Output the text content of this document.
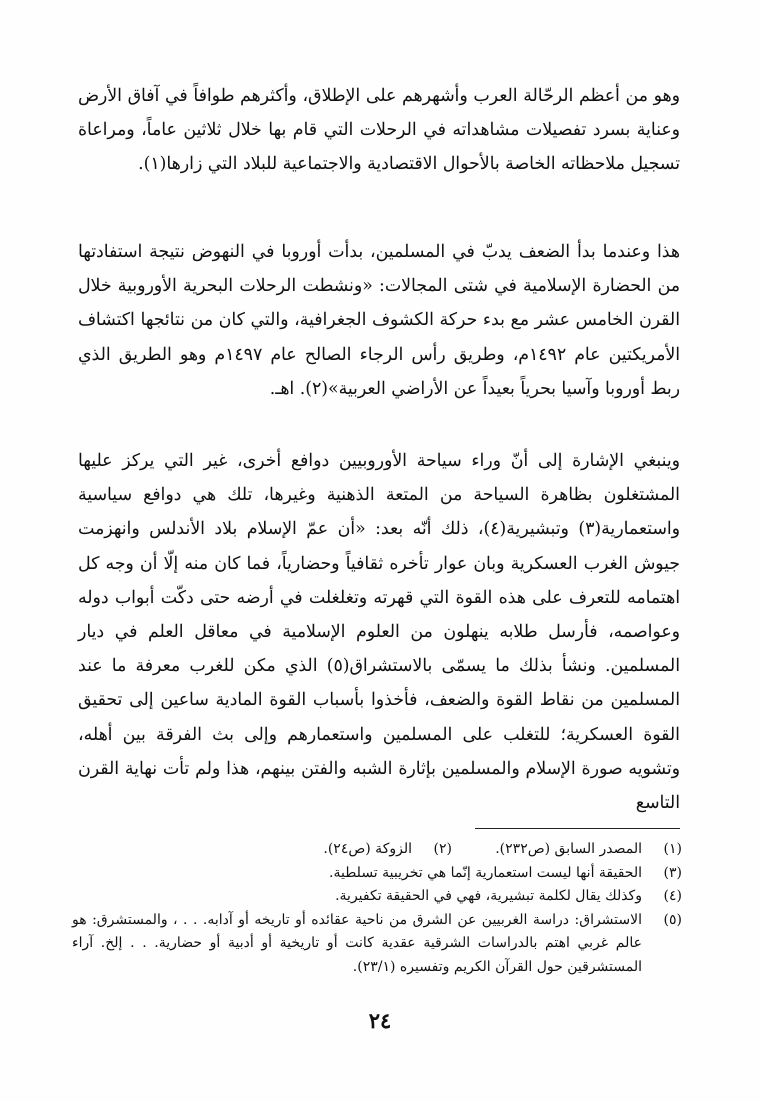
وهو من أعظم الرحّالة العرب وأشهرهم على الإطلاق، وأكثرهم طوافاً في آفاق الأرض وعناية بسرد تفصيلات مشاهداته في الرحلات التي قام بها خلال ثلاثين عاماً، ومراعاة تسجيل ملاحظاته الخاصة بالأحوال الاقتصادية والاجتماعية للبلاد التي زارها(١).
هذا وعندما بدأ الضعف يدبّ في المسلمين، بدأت أوروبا في النهوض نتيجة استفادتها من الحضارة الإسلامية في شتى المجالات: «ونشطت الرحلات البحرية الأوروبية خلال القرن الخامس عشر مع بدء حركة الكشوف الجغرافية، والتي كان من نتائجها اكتشاف الأمريكتين عام ١٤٩٢م، وطريق رأس الرجاء الصالح عام ١٤٩٧م وهو الطريق الذي ربط أوروبا وآسيا بحرياً بعيداً عن الأراضي العربية»(٢). اهـ.
وينبغي الإشارة إلى أنّ وراء سياحة الأوروبيين دوافع أخرى، غير التي يركز عليها المشتغلون بظاهرة السياحة من المتعة الذهنية وغيرها، تلك هي دوافع سياسية واستعمارية(٣) وتبشيرية(٤)، ذلك أنّه بعد: «أن عمّ الإسلام بلاد الأندلس وانهزمت جيوش الغرب العسكرية وبان عوار تأخره ثقافياً وحضارياً، فما كان منه إلّا أن وجه كل اهتمامه للتعرف على هذه القوة التي قهرته وتغلغلت في أرضه حتى دكّت أبواب دوله وعواصمه، فأرسل طلابه ينهلون من العلوم الإسلامية في معاقل العلم في ديار المسلمين. ونشأ بذلك ما يسمّى بالاستشراق(٥) الذي مكن للغرب معرفة ما عند المسلمين من نقاط القوة والضعف، فأخذوا بأسباب القوة المادية ساعين إلى تحقيق القوة العسكرية؛ للتغلب على المسلمين واستعمارهم وإلى بث الفرقة بين أهله، وتشويه صورة الإسلام والمسلمين بإثارة الشبه والفتن بينهم، هذا ولم تأت نهاية القرن التاسع
(١)المصدر السابق (ص٢٣٢).
(٢)الزوكة (ص٢٤).
(٣)
الحقيقة أنها ليست استعمارية إنّما هي تخريبية تسلطية.
(٤)
وكذلك يقال لكلمة تبشيرية، فهي في الحقيقة تكفيرية.
(٥)
الاستشراق: دراسة الغربيين عن الشرق من ناحية عقائده أو تاريخه أو آدابه. . . ، والمستشرق: هو عالم غربي اهتم بالدراسات الشرقية عقدية كانت أو تاريخية أو أدبية أو حضارية. . . إلخ. آراء المستشرقين حول القرآن الكريم وتفسيره (٢٣/١).
٢٤
